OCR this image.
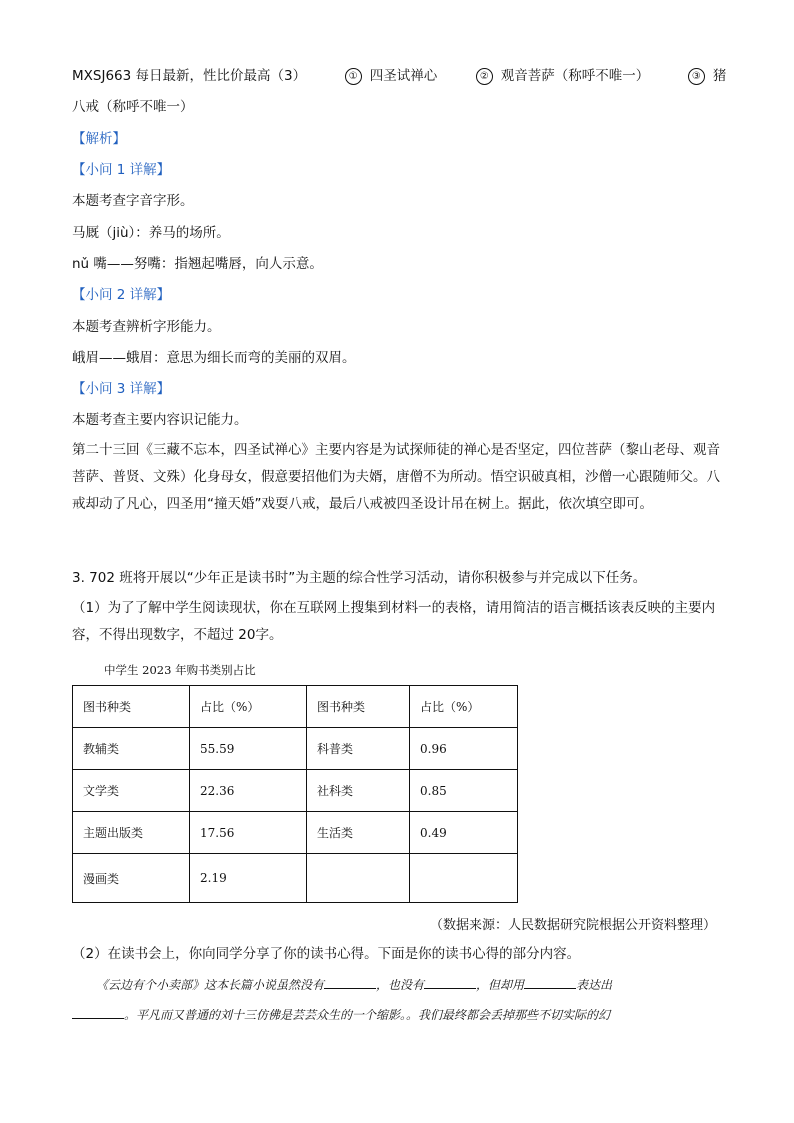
MXSJ663 每日最新，性比价最高（3）	① 四圣试禅心	② 观音菩萨（称呼不唯一）	③ 猪
八戒（称呼不唯一）
【解析】
【小问 1 详解】
本题考查字音字形。
马厩（jiù）：养马的场所。
nǔ 嘴——努嘴：指翘起嘴唇，向人示意。
【小问 2 详解】
本题考查辨析字形能力。
峨眉——蛾眉：意思为细长而弯的美丽的双眉。
【小问 3 详解】
本题考查主要内容识记能力。
第二十三回《三藏不忘本，四圣试禅心》主要内容是为试探师徒的禅心是否坚定，四位菩萨（黎山老母、观音菩萨、普贤、文殊）化身母女，假意要招他们为夫婿，唐僧不为所动。悟空识破真相，沙僧一心跟随师父。八戒却动了凡心，四圣用“撞天婚”戏耍八戒，最后八戒被四圣设计吊在树上。据此，依次填空即可。
3. 702 班将开展以“少年正是读书时”为主题的综合性学习活动，请你积极参与并完成以下任务。
（1）为了了解中学生阅读现状，你在互联网上搜集到材料一的表格，请用简洁的语言概括该表反映的主要内容，不得出现数字，不超过 20字。
中学生 2023 年购书类别占比
图书种类	占比（%）	图书种类	占比（%）
教辅类	55.59	科普类	0.96
文学类	22.36	社科类	0.85
主题出版类	17.56	生活类	0.49
漫画类	2.19		
（数据来源：人民数据研究院根据公开资料整理）
（2）在读书会上，你向同学分享了你的读书心得。下面是你的读书心得的部分内容。
《云边有个小卖部》这本长篇小说虽然没有	，也没有	，但却用	表达出
。平凡而又普通的刘十三仿佛是芸芸众生的一个缩影。。我们最终都会丢掉那些不切实际的幻
